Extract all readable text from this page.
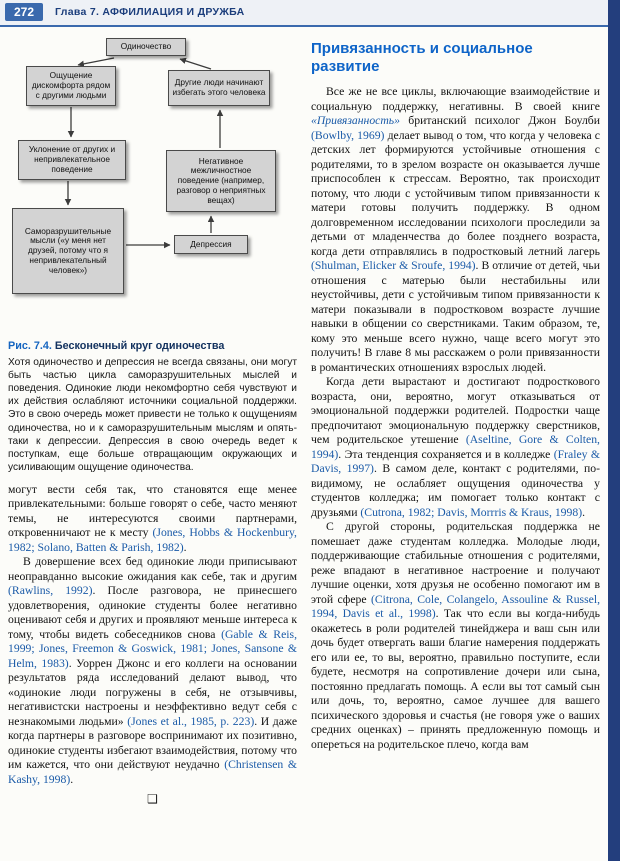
272	Глава 7. АФФИЛИАЦИЯ И ДРУЖБА
Одиночество
Ощущение дискомфорта рядом с другими людьми
Другие люди начинают избегать этого человека
Уклонение от других и непривлекательное поведение
Негативное межличностное поведение (например, разговор о неприятных вещах)
Саморазрушительные мысли («у меня нет друзей, потому что я непривлекательный человек»)
Депрессия
Рис. 7.4. Бесконечный круг одиночества
Хотя одиночество и депрессия не всегда связаны, они могут быть частью цикла саморазрушительных мыслей и поведения. Одинокие люди некомфортно себя чувствуют и их действия ослабляют источники социальной поддержки. Это в свою очередь может привести не только к ощущениям одиночества, но и к саморазрушительным мыслям и опять-таки к депрессии. Депрессия в свою очередь ведет к поступкам, еще больше отвращающим окружающих и усиливающим ощущение одиночества.

могут вести себя так, что становятся еще менее привлекательными: больше говорят о себе, часто меняют темы, не интересуются своими партнерами, откровенничают не к месту (Jones, Hobbs & Hockenbury, 1982; Solano, Batten & Parish, 1982).

В довершение всех бед одинокие люди приписывают неоправданно высокие ожидания как себе, так и другим (Rawlins, 1992). После разговора, не принесшего удовлетворения, одинокие студенты более негативно оценивают себя и других и проявляют меньше интереса к тому, чтобы видеть собеседников снова (Gable & Reis, 1999; Jones, Freemon & Goswick, 1981; Jones, Sansone & Helm, 1983). Уоррен Джонс и его коллеги на основании результатов ряда исследований делают вывод, что «одинокие люди погружены в себя, не отзывчивы, негативистски настроены и неэффективно ведут себя с незнакомыми людьми» (Jones et al., 1985, p. 223). И даже когда партнеры в разговоре воспринимают их позитивно, одинокие студенты избегают взаимодействия, потому что им кажется, что они действуют неудачно (Christensen & Kashy, 1998).

❑
Привязанность и социальное развитие

Все же не все циклы, включающие взаимодействие и социальную поддержку, негативны. В своей книге «Привязанность» британский психолог Джон Боулби (Bowlby, 1969) делает вывод о том, что когда у человека с детских лет формируются устойчивые отношения с родителями, то в зрелом возрасте он оказывается лучше приспособлен к стрессам. Вероятно, так происходит потому, что люди с устойчивым типом привязанности к матери готовы получить поддержку. В одном долговременном исследовании психологи проследили за детьми от младенчества до более позднего возраста, когда дети отправлялись в подростковый летний лагерь (Shulman, Elicker & Sroufe, 1994). В отличие от детей, чьи отношения с матерью были нестабильны или неустойчивы, дети с устойчивым типом привязанности к матери показывали в подростковом возрасте лучшие навыки в общении со сверстниками. Таким образом, те, кому это меньше всего нужно, чаще всего могут это получить! В главе 8 мы расскажем о роли привязанности в романтических отношениях взрослых людей.

Когда дети вырастают и достигают подросткового возраста, они, вероятно, могут отказываться от эмоциональной поддержки родителей. Подростки чаще предпочитают эмоциональную поддержку сверстников, чем родительское утешение (Aseltine, Gore & Colten, 1994). Эта тенденция сохраняется и в колледже (Fraley & Davis, 1997). В самом деле, контакт с родителями, по-видимому, не ослабляет ощущения одиночества у студентов колледжа; им помогает только контакт с друзьями (Cutrona, 1982; Davis, Morrris & Kraus, 1998).

С другой стороны, родительская поддержка не помешает даже студентам колледжа. Молодые люди, поддерживающие стабильные отношения с родителями, реже впадают в негативное настроение и получают лучшие оценки, хотя друзья не особенно помогают им в этой сфере (Citrona, Cole, Colangelo, Assouline & Russel, 1994, Davis et al., 1998). Так что если вы когда-нибудь окажетесь в роли родителей тинейджера и ваш сын или дочь будет отвергать ваши благие намерения поддержать его или ее, то вы, вероятно, правильно поступите, если будете, несмотря на сопротивление дочери или сына, постоянно предлагать помощь. А если вы тот самый сын или дочь, то, вероятно, самое лучшее для вашего психического здоровья и счастья (не говоря уже о ваших средних оценках) – принять предложенную помощь и опереться на родительское плечо, когда вам
